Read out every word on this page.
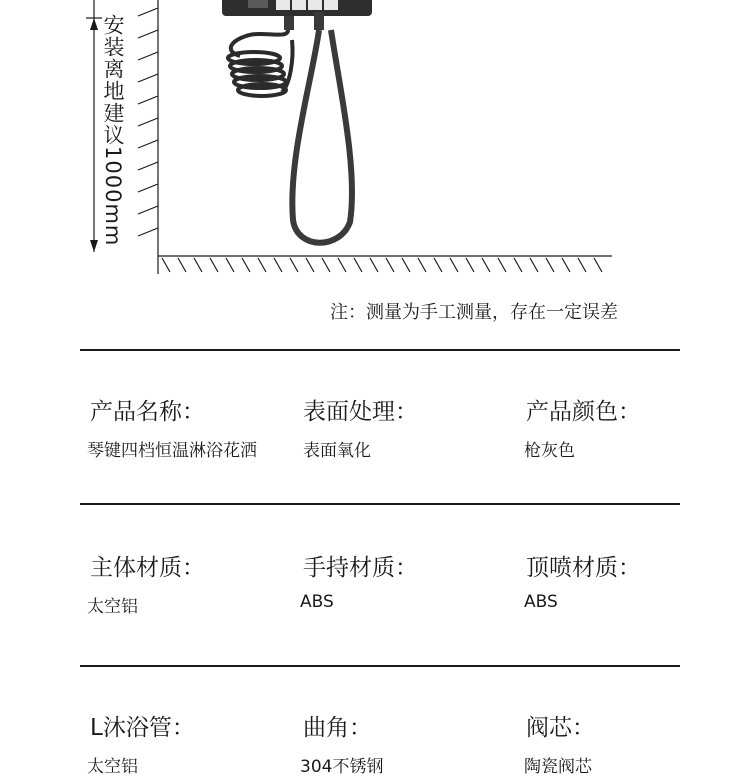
安装离地建议1000mm
注：测量为手工测量，存在一定误差
产品名称：
琴键四档恒温淋浴花洒
表面处理：
表面氧化
产品颜色：
枪灰色
主体材质：
太空铝
手持材质：
ABS
顶喷材质：
ABS
L沐浴管：
太空铝
曲角：
304不锈钢
阀芯：
陶瓷阀芯
